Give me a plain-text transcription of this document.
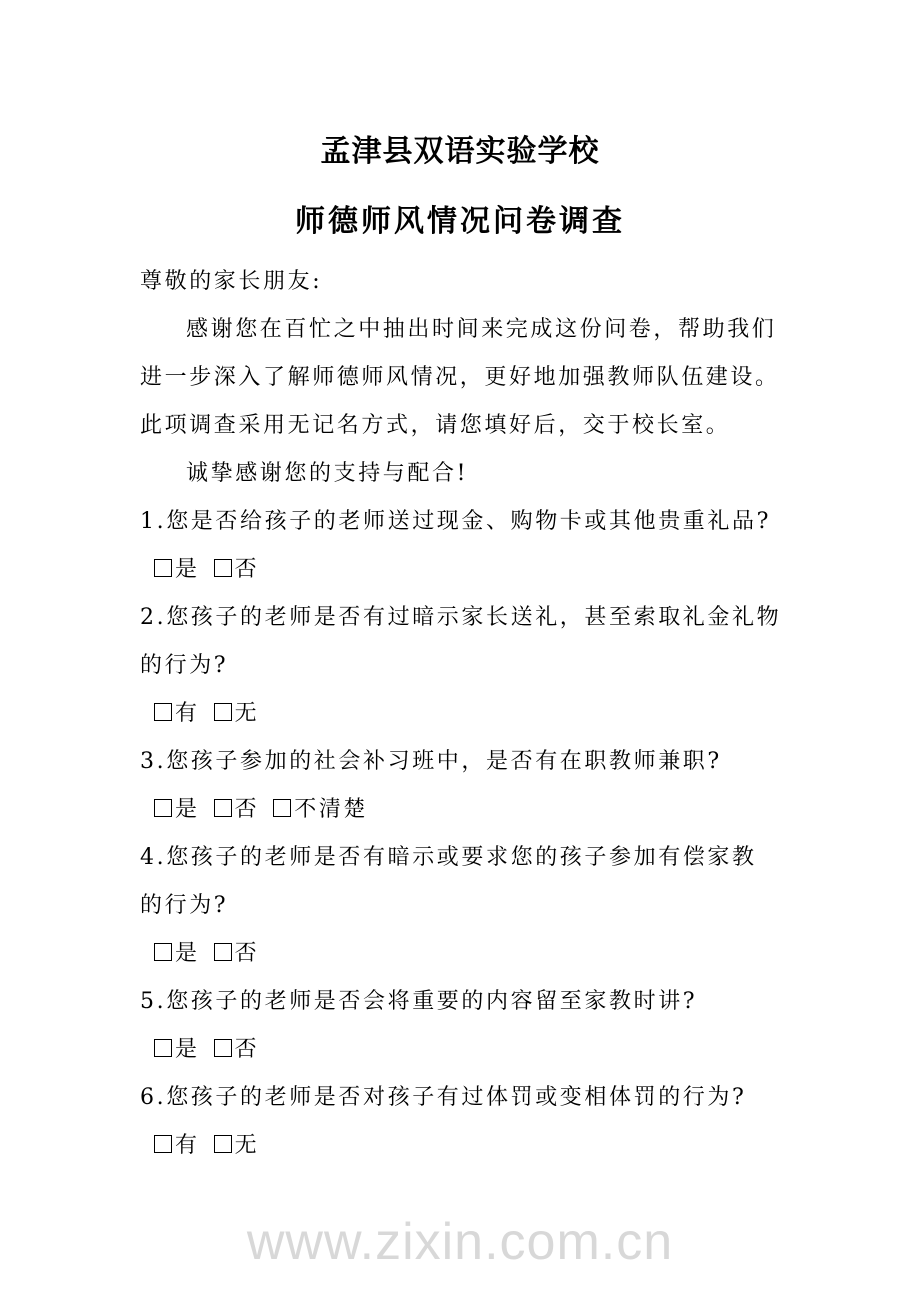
孟津县双语实验学校
师德师风情况问卷调查
尊敬的家长朋友:
感谢您在百忙之中抽出时间来完成这份问卷，帮助我们
进一步深入了解师德师风情况，更好地加强教师队伍建设。
此项调查采用无记名方式，请您填好后，交于校长室。
诚挚感谢您的支持与配合!
1.您是否给孩子的老师送过现金、购物卡或其他贵重礼品?
是 否
2.您孩子的老师是否有过暗示家长送礼，甚至索取礼金礼物
的行为?
有 无
3.您孩子参加的社会补习班中，是否有在职教师兼职?
是 否 不清楚
4.您孩子的老师是否有暗示或要求您的孩子参加有偿家教
的行为?
是 否
5.您孩子的老师是否会将重要的内容留至家教时讲?
是 否
6.您孩子的老师是否对孩子有过体罚或变相体罚的行为?
有 无
www.zixin.com.cn
